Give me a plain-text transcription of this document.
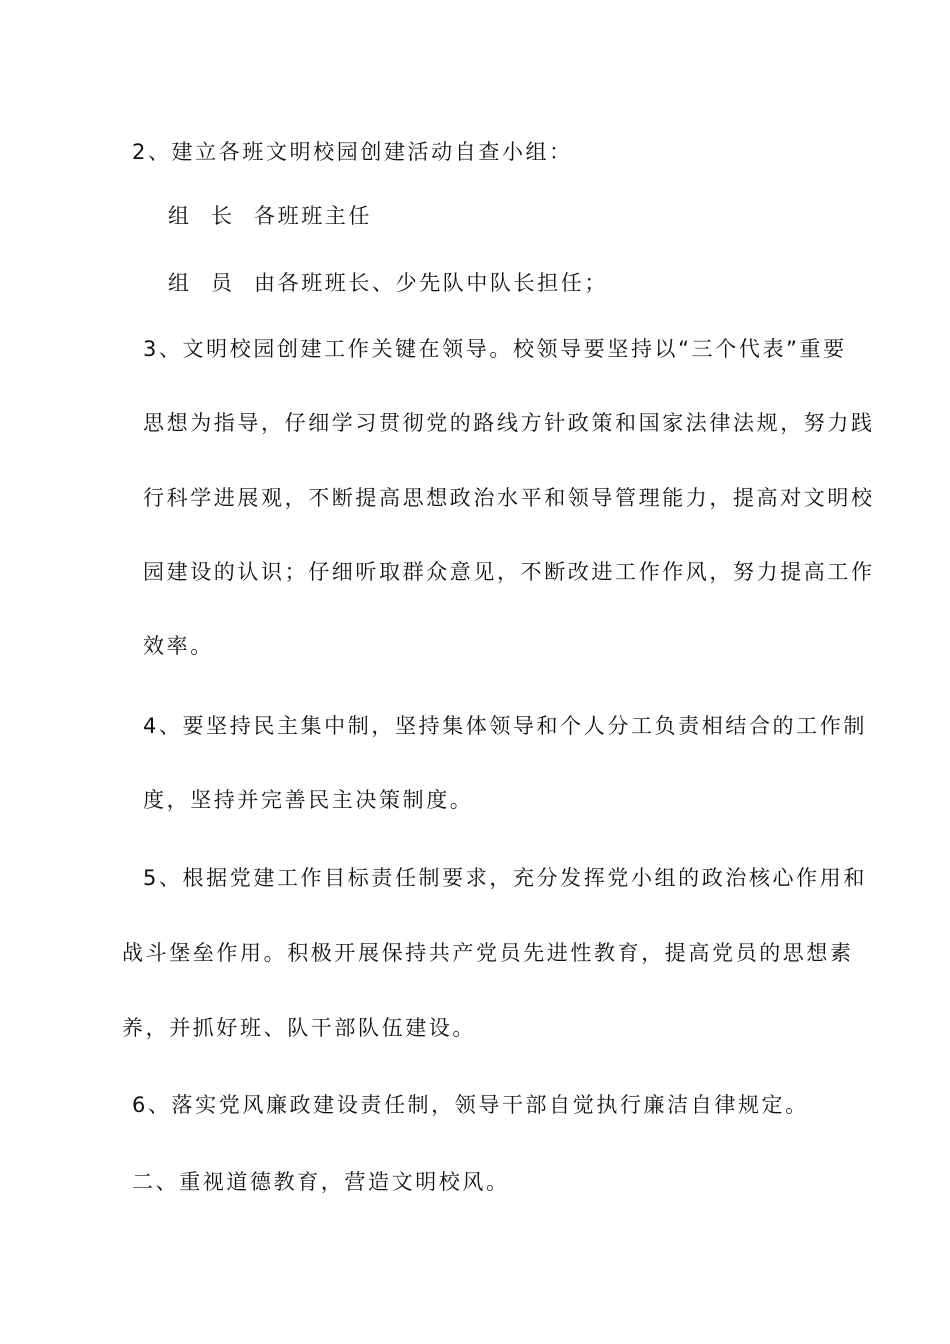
2、建立各班文明校园创建活动自查小组：
组长各班班主任
组员由各班班长、少先队中队长担任；
3、文明校园创建工作关键在领导。校领导要坚持以“三个代表”重要
思想为指导，仔细学习贯彻党的路线方针政策和国家法律法规，努力践
行科学进展观，不断提高思想政治水平和领导管理能力，提高对文明校
园建设的认识；仔细听取群众意见，不断改进工作作风，努力提高工作
效率。
4、要坚持民主集中制，坚持集体领导和个人分工负责相结合的工作制
度，坚持并完善民主决策制度。
5、根据党建工作目标责任制要求，充分发挥党小组的政治核心作用和
战斗堡垒作用。积极开展保持共产党员先进性教育，提高党员的思想素
养，并抓好班、队干部队伍建设。
6、落实党风廉政建设责任制，领导干部自觉执行廉洁自律规定。
二、重视道德教育，营造文明校风。
